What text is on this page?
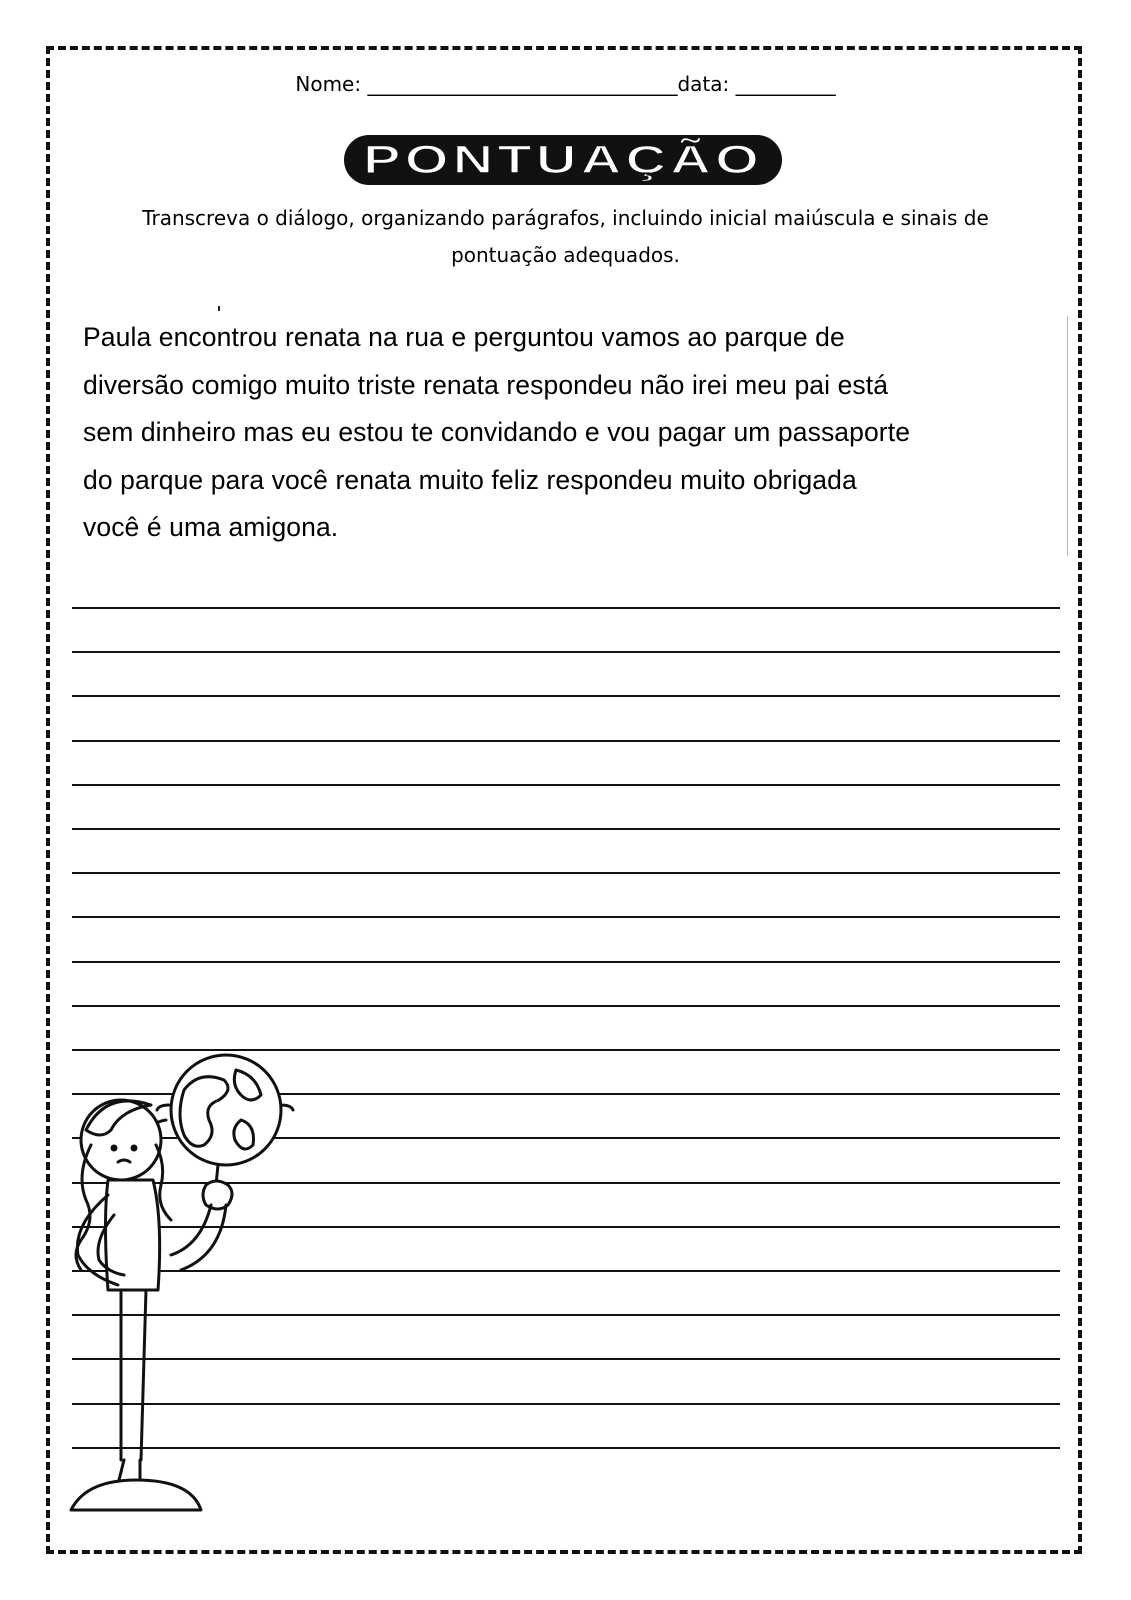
Nome: _______________________________data: __________
PONTUAÇÃO
Transcreva o diálogo, organizando parágrafos, incluindo inicial maiúscula e sinais de pontuação adequados.
Paula encontrou renata na rua e perguntou vamos ao parque de
diversão comigo muito triste renata respondeu não irei meu pai está
sem dinheiro mas eu estou te convidando e vou pagar um passaporte
do parque para você renata muito feliz respondeu muito obrigada
você é uma amigona.
